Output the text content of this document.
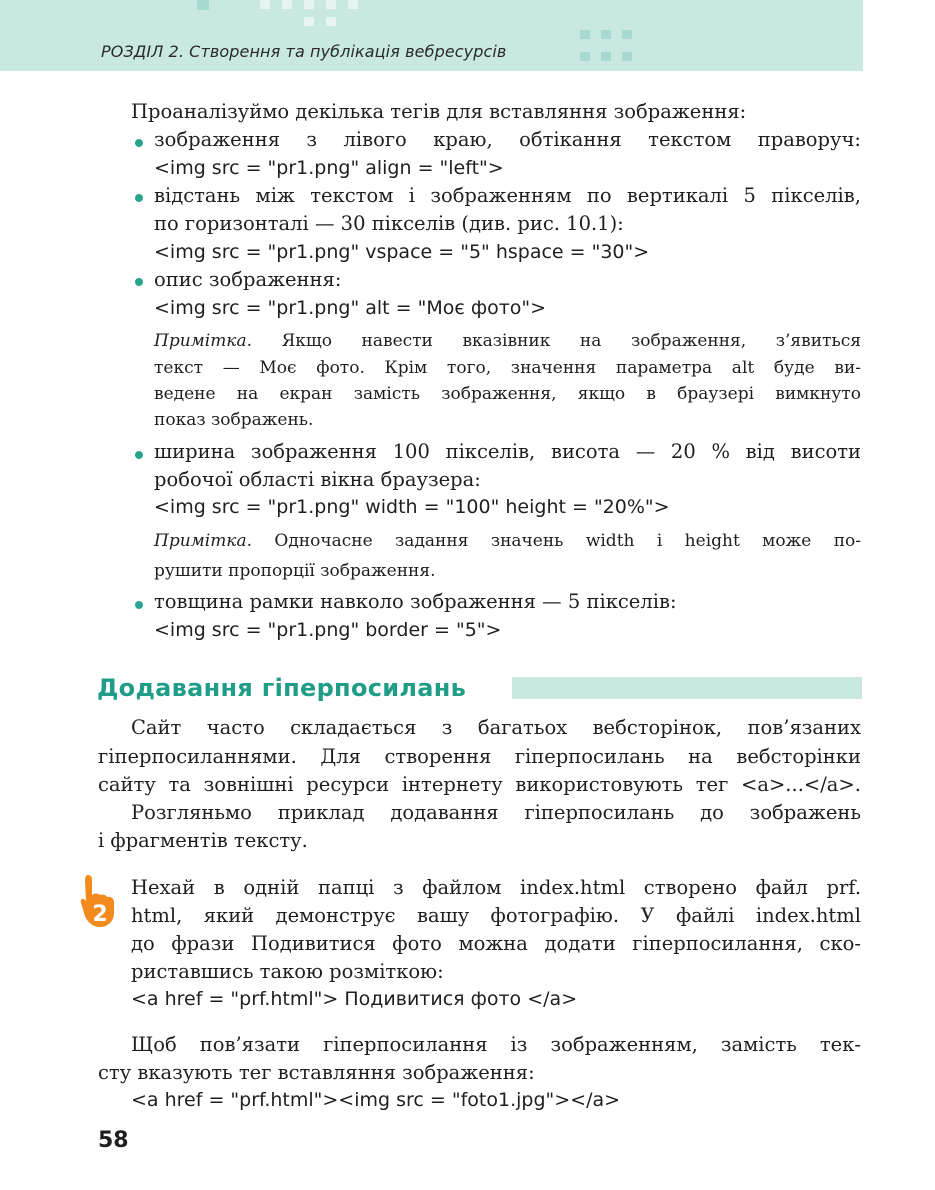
РОЗДІЛ 2. Створення та публікація вебресурсів
Проаналізуймо декілька тегів для вставляння зображення:
зображення з лівого краю, обтікання текстом праворуч:
<img src = "pr1.png" align = "left">
відстань між текстом і зображенням по вертикалі 5 пікселів,
по горизонталі — 30 пікселів (див. рис. 10.1):
<img src = "pr1.png" vspace = "5" hspace = "30">
опис зображення:
<img src = "pr1.png" alt = "Моє фото">
Примітка. Якщо навести вказівник на зображення, з’явиться
текст — Моє фото. Крім того, значення параметра alt буде ви-
ведене на екран замість зображення, якщо в браузері вимкнуто
показ зображень.
ширина зображення 100 пікселів, висота — 20 % від висоти
робочої області вікна браузера:
<img src = "pr1.png" width = "100" height = "20%">
Примітка. Одночасне задання значень width і height може по-
рушити пропорції зображення.
товщина рамки навколо зображення — 5 пікселів:
<img src = "pr1.png" border = "5">
Додавання гіперпосилань
Сайт часто складається з багатьох вебсторінок, пов’язаних
гіперпосиланнями. Для створення гіперпосилань на вебсторінки
сайту та зовнішні ресурси інтернету використовують тег <a>...</a>.
Розгляньмо приклад додавання гіперпосилань до зображень
і фрагментів тексту.
2
Нехай в одній папці з файлом index.html створено файл prf.
html, який демонструє вашу фотографію. У файлі index.html
до фрази Подивитися фото можна додати гіперпосилання, ско-
риставшись такою розміткою:
<a href = "prf.html"> Подивитися фото </a>
Щоб пов’язати гіперпосилання із зображенням, замість тек-
сту вказують тег вставляння зображення:
<a href = "prf.html"><img src = "foto1.jpg"></a>
58
